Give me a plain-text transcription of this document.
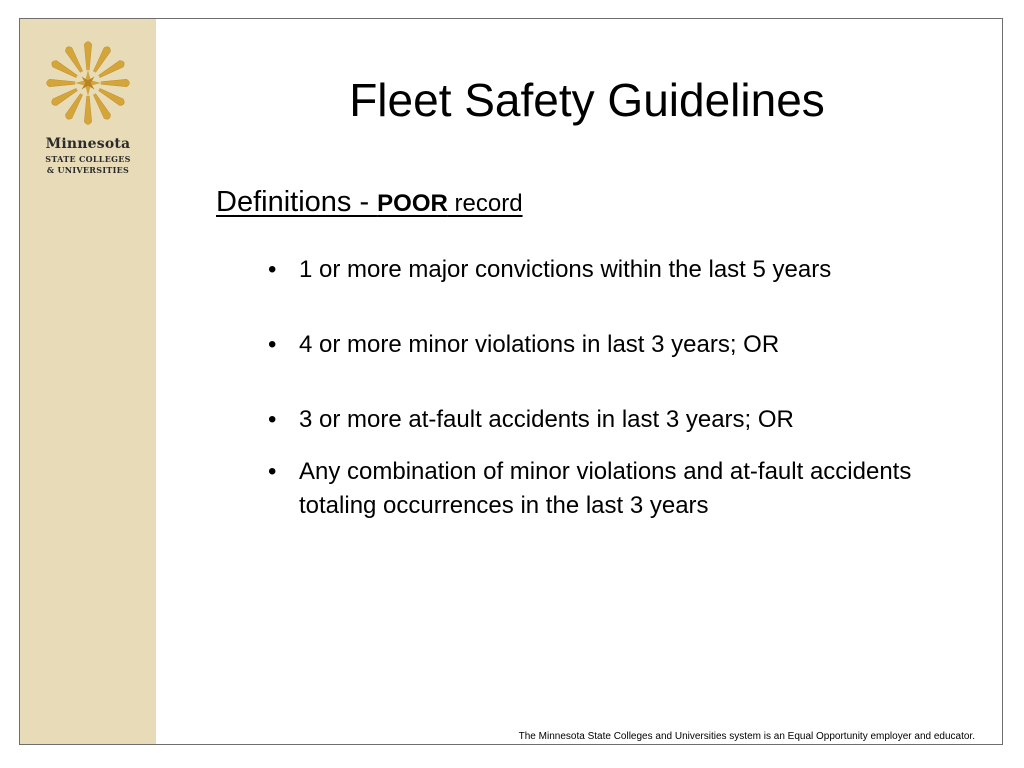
Minnesota
STATE COLLEGES
& UNIVERSITIES
Fleet Safety Guidelines
Definitions - POOR record
• 1 or more major convictions within the last 5 years
• 4 or more minor violations in last 3 years; OR
• 3 or more at-fault accidents in last 3 years; OR
• Any combination of minor violations and at-fault accidents totaling occurrences in the last 3 years
The Minnesota State Colleges and Universities system is an Equal Opportunity employer and educator.
